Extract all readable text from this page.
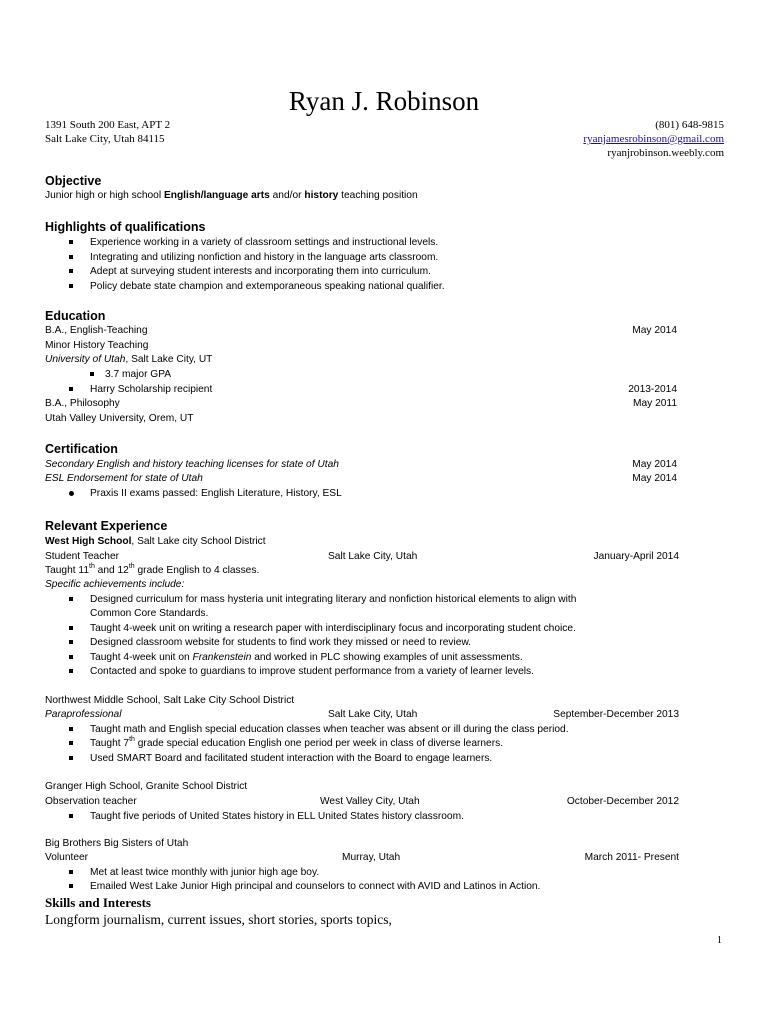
Ryan J. Robinson
1391 South 200 East, APT 2
Salt Lake City, Utah 84115
(801) 648-9815
ryanjamesrobinson@gmail.com
ryanjrobinson.weebly.com
Objective
Junior high or high school English/language arts and/or history teaching position
Highlights of qualifications
Experience working in a variety of classroom settings and instructional levels.
Integrating and utilizing nonfiction and history in the language arts classroom.
Adept at surveying student interests and incorporating them into curriculum.
Policy debate state champion and extemporaneous speaking national qualifier.
Education
B.A., English-Teaching	May 2014
Minor History Teaching
University of Utah, Salt Lake City, UT
3.7 major GPA
Harry Scholarship recipient	2013-2014
B.A., Philosophy	May 2011
Utah Valley University, Orem, UT
Certification
Secondary English and history teaching licenses for state of Utah	May 2014
ESL Endorsement for state of Utah	May 2014
Praxis II exams passed: English Literature, History, ESL
Relevant Experience
West High School, Salt Lake city School District
Student Teacher	Salt Lake City, Utah	January-April 2014
Taught 11th and 12th grade English to 4 classes.
Specific achievements include:
Designed curriculum for mass hysteria unit integrating literary and nonfiction historical elements to align with
Common Core Standards.
Taught 4-week unit on writing a research paper with interdisciplinary focus and incorporating student choice.
Designed classroom website for students to find work they missed or need to review.
Taught 4-week unit on Frankenstein and worked in PLC showing examples of unit assessments.
Contacted and spoke to guardians to improve student performance from a variety of learner levels.
Northwest Middle School, Salt Lake City School District
Paraprofessional	Salt Lake City, Utah	September-December 2013
Taught math and English special education classes when teacher was absent or ill during the class period.
Taught 7th grade special education English one period per week in class of diverse learners.
Used SMART Board and facilitated student interaction with the Board to engage learners.
Granger High School, Granite School District
Observation teacher	West Valley City, Utah	October-December 2012
Taught five periods of United States history in ELL United States history classroom.
Big Brothers Big Sisters of Utah
Volunteer	Murray, Utah	March 2011- Present
Met at least twice monthly with junior high age boy.
Emailed West Lake Junior High principal and counselors to connect with AVID and Latinos in Action.
Skills and Interests
Longform journalism, current issues, short stories, sports topics,
1
